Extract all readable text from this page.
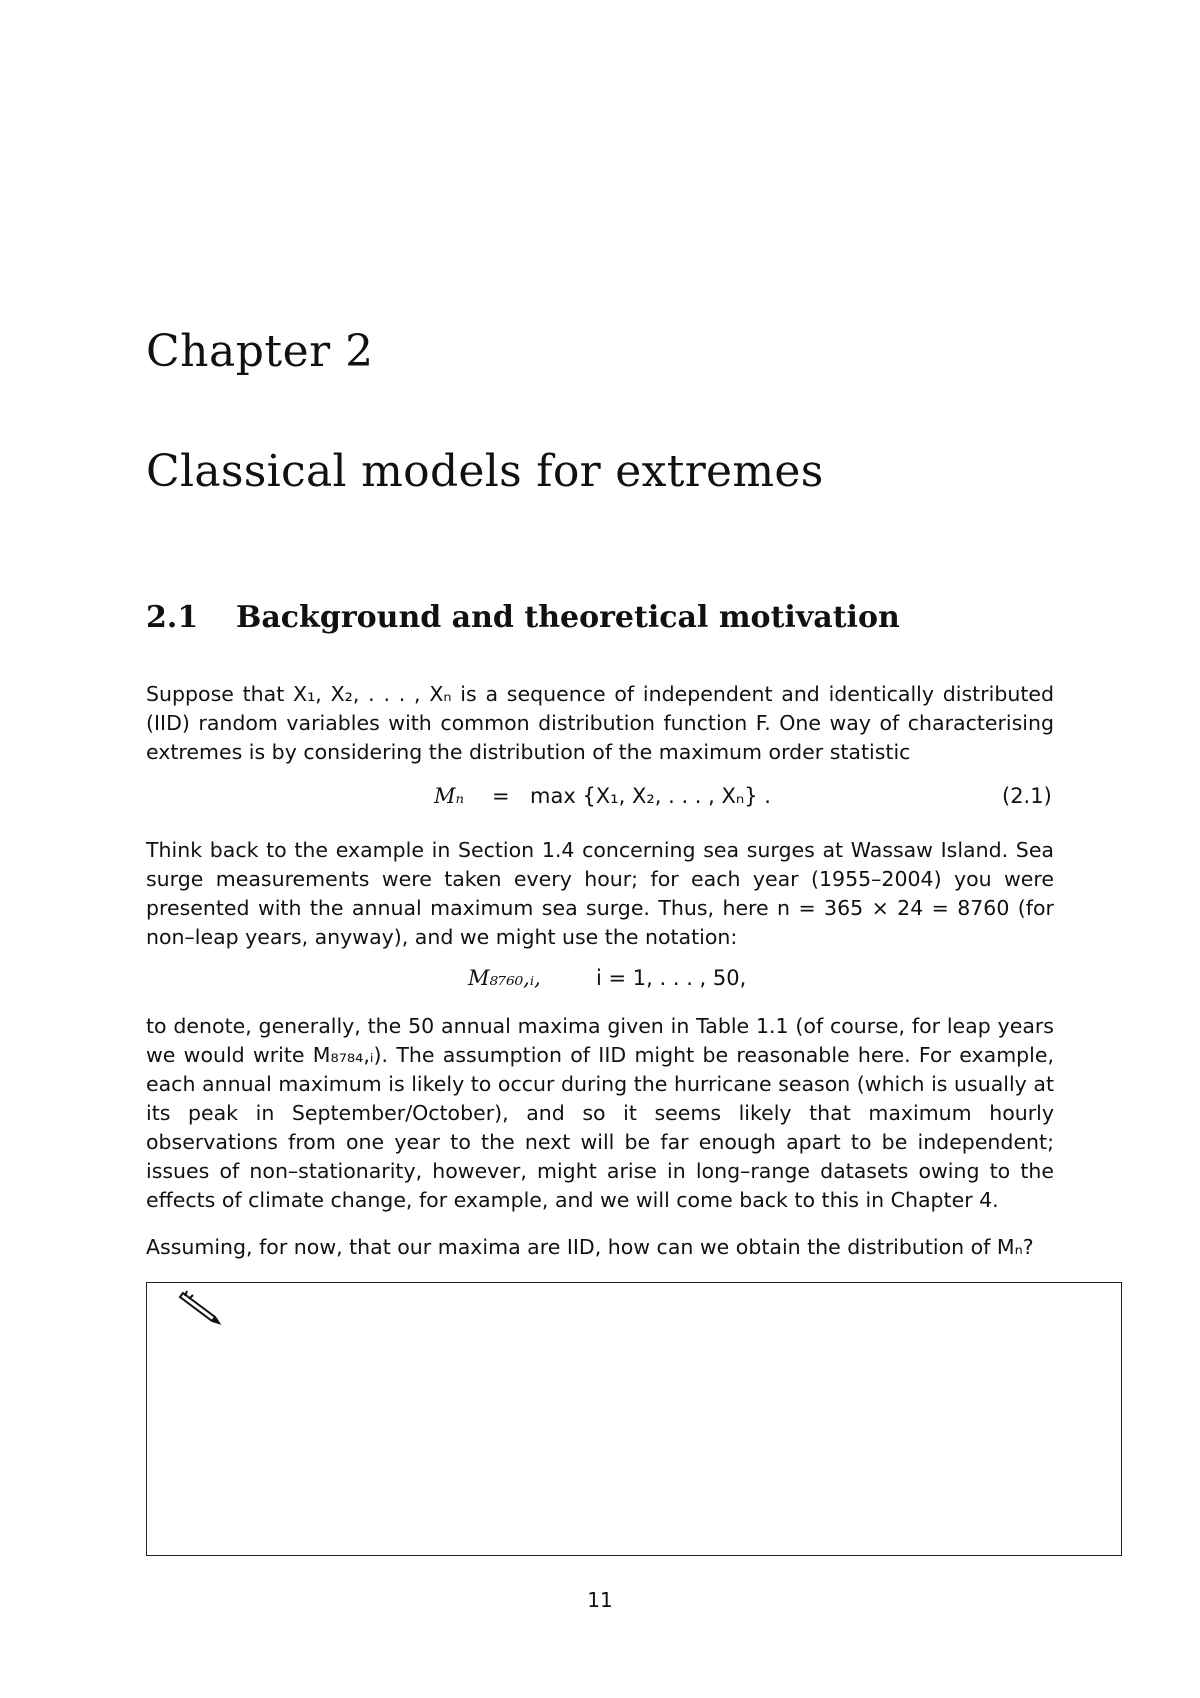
Chapter 2
Classical models for extremes
2.1 Background and theoretical motivation
Suppose that X₁, X₂, . . . , Xₙ is a sequence of independent and identically distributed (IID) random variables with common distribution function F. One way of characterising extremes is by considering the distribution of the maximum order statistic
Mₙ = max {X₁, X₂, . . . , Xₙ} .	(2.1)
Think back to the example in Section 1.4 concerning sea surges at Wassaw Island. Sea surge measurements were taken every hour; for each year (1955–2004) you were presented with the annual maximum sea surge. Thus, here n = 365 × 24 = 8760 (for non–leap years, anyway), and we might use the notation:
M₈₇₆₀,ᵢ,	i = 1, . . . , 50,
to denote, generally, the 50 annual maxima given in Table 1.1 (of course, for leap years we would write M₈₇₈₄,ᵢ). The assumption of IID might be reasonable here. For example, each annual maximum is likely to occur during the hurricane season (which is usually at its peak in September/October), and so it seems likely that maximum hourly observations from one year to the next will be far enough apart to be independent; issues of non–stationarity, however, might arise in long–range datasets owing to the effects of climate change, for example, and we will come back to this in Chapter 4.
Assuming, for now, that our maxima are IID, how can we obtain the distribution of Mₙ?
11
